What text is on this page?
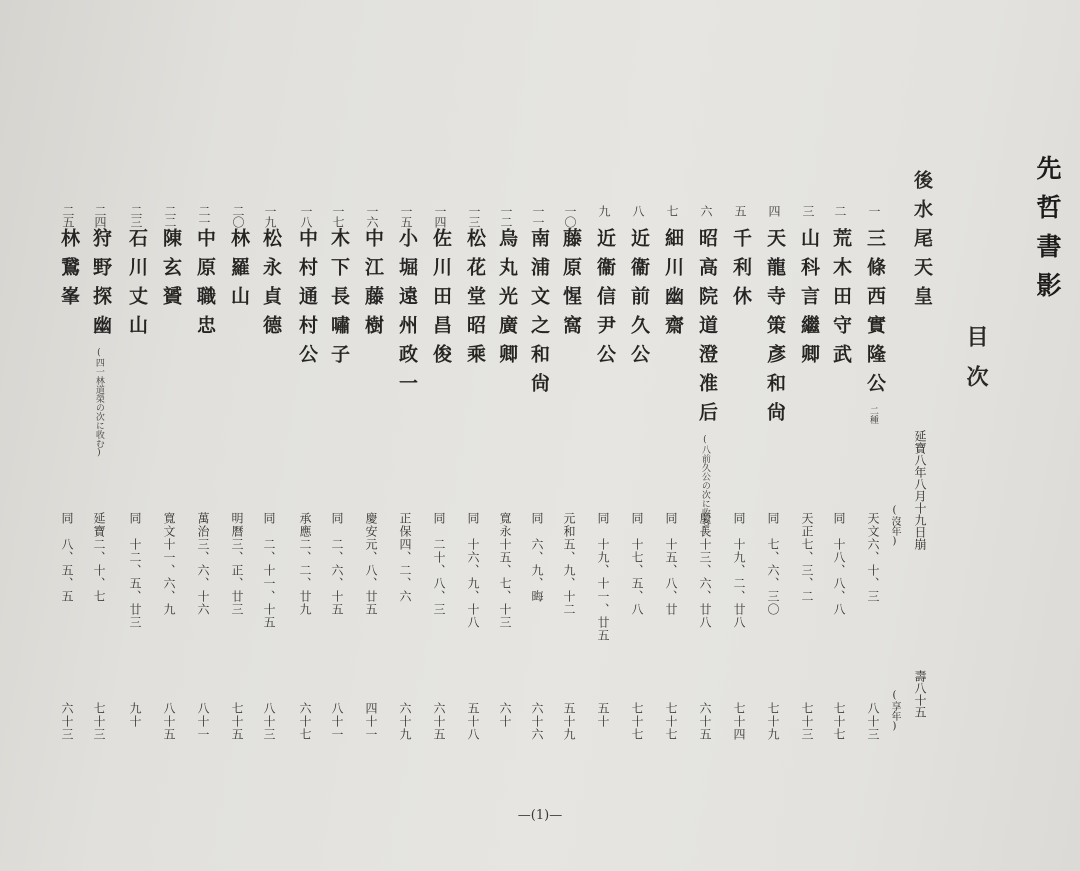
先哲書影
目次
後水尾天皇
延寶八年八月十九日崩
壽八十五
(沒年)
(享年)
一
三條西實隆公
二種
天文六、十、三
八十三
二
荒木田守武
同　十八、八、八
七十七
三
山科言繼卿
天正七、三、二
七十三
四
天龍寺策彥和尙
同　七、六、三〇
七十九
五
千利休
同　十九、二、廿八
七十四
六
昭高院道澄准后
(八前久公の次に收む)
慶長十三、六、廿八
六十五
七
細川幽齋
同　十五、八、廿
七十七
八
近衞前久公
同　十七、五、八
七十七
九
近衞信尹公
同　十九、十一、廿五
五十
一〇
藤原惺窩
元和五、九、十二
五十九
一一
南浦文之和尙
同　六、九、晦
六十六
一二
烏丸光廣卿
寬永十五、七、十三
六十
一三
松花堂昭乘
同　十六、九、十八
五十八
一四
佐川田昌俊
同　二十、八、三
六十五
一五
小堀遠州政一
正保四、二、六
六十九
一六
中江藤樹
慶安元、八、廿五
四十一
一七
木下長嘯子
同　二、六、十五
八十一
一八
中村通村公
承應二、二、廿九
六十七
一九
松永貞德
同　二、十一、十五
八十三
二〇
林羅山
明曆三、正、廿三
七十五
二一
中原職忠
萬治三、六、十六
八十一
二二
陳玄贇
寬文十一、六、九
八十五
二三
石川丈山
同　十二、五、廿三
九十
二四
狩野探幽
(四一林道榮の次に收む)
延寶二、十、七
七十三
二五
林鵞峯
同　八、五、五
六十三
—(1)—
